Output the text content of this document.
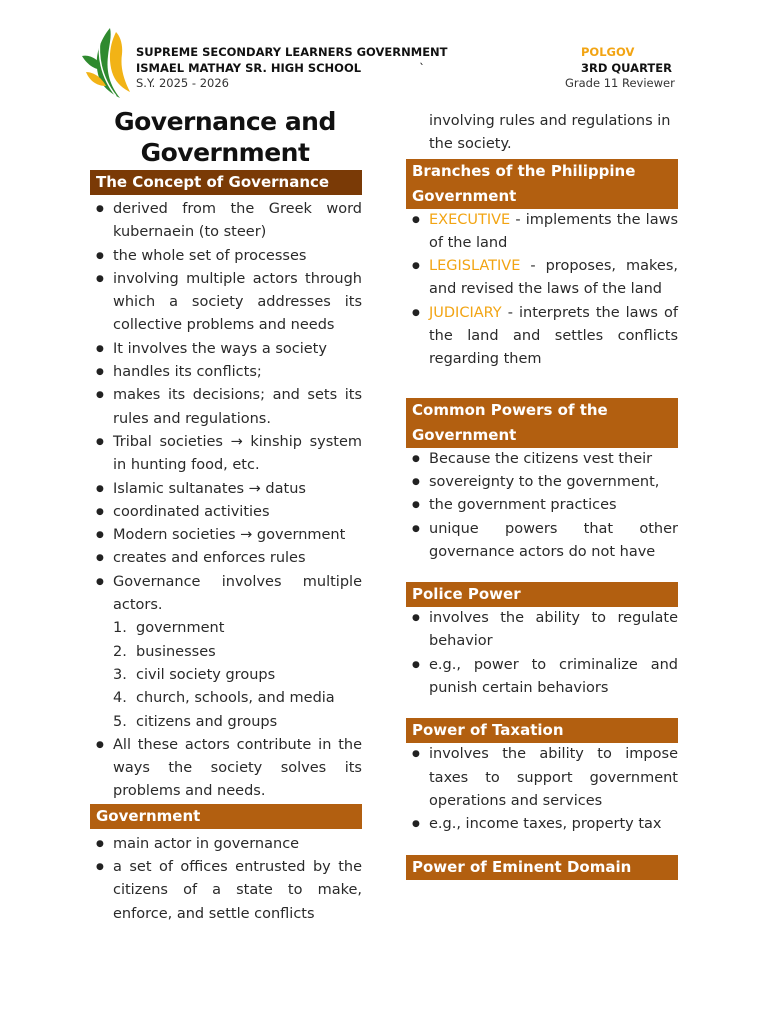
SUPREME SECONDARY LEARNERS GOVERNMENT
ISMAEL MATHAY SR. HIGH SCHOOL	`
S.Y. 2025 - 2026
POLGOV
3RD QUARTER
Grade 11 Reviewer
Governance and
Government
The Concept of Governance
● derived from the Greek word kubernaein (to steer)
● the whole set of processes
● involving multiple actors through which a society addresses its collective problems and needs
● It involves the ways a society
● handles its conflicts;
● makes its decisions; and sets its rules and regulations.
● Tribal societies → kinship system in hunting food, etc.
● Islamic sultanates → datus
● coordinated activities
● Modern societies → government
● creates and enforces rules
● Governance involves multiple actors.
1. government
2. businesses
3. civil society groups
4. church, schools, and media
5. citizens and groups
● All these actors contribute in the ways the society solves its problems and needs.
Government
● main actor in governance
● a set of offices entrusted by the citizens of a state to make, enforce, and settle conflicts
involving rules and regulations in the society.
Branches of the Philippine Government
● EXECUTIVE - implements the laws of the land
● LEGISLATIVE - proposes, makes, and revised the laws of the land
● JUDICIARY - interprets the laws of the land and settles conflicts regarding them
Common Powers of the Government
● Because the citizens vest their
● sovereignty to the government,
● the government practices
● unique powers that other governance actors do not have
Police Power
● involves the ability to regulate behavior
● e.g., power to criminalize and punish certain behaviors
Power of Taxation
● involves the ability to impose taxes to support government operations and services
● e.g., income taxes, property tax
Power of Eminent Domain
